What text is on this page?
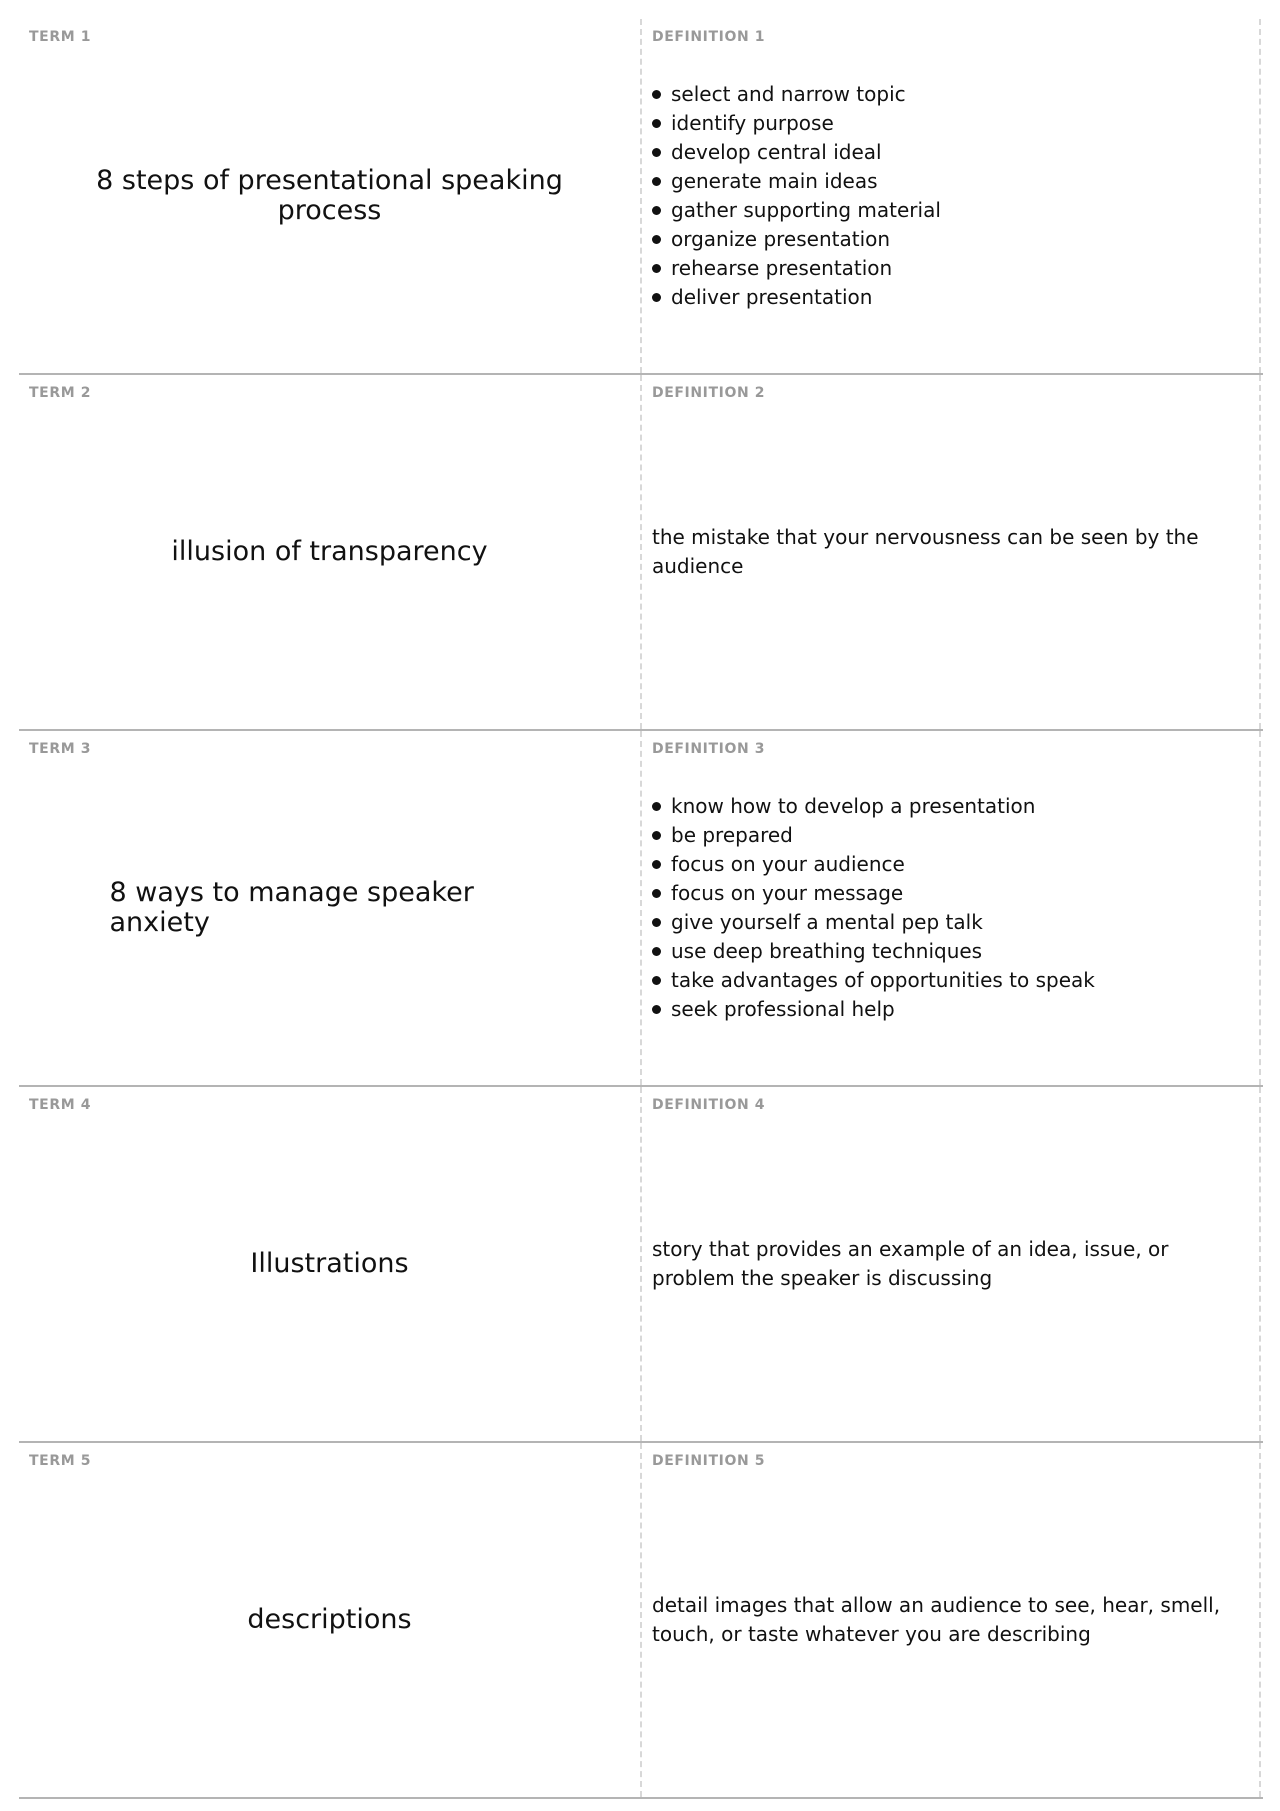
TERM 1
8 steps of presentational speaking process
DEFINITION 1
select and narrow topic
identify purpose
develop central ideal
generate main ideas
gather supporting material
organize presentation
rehearse presentation
deliver presentation
TERM 2
illusion of transparency
DEFINITION 2
the mistake that your nervousness can be seen by the audience
TERM 3
8 ways to manage speaker anxiety
DEFINITION 3
know how to develop a presentation
be prepared
focus on your audience
focus on your message
give yourself a mental pep talk
use deep breathing techniques
take advantages of opportunities to speak
seek professional help
TERM 4
Illustrations
DEFINITION 4
story that provides an example of an idea, issue, or problem the speaker is discussing
TERM 5
descriptions
DEFINITION 5
detail images that allow an audience to see, hear, smell, touch, or taste whatever you are describing
